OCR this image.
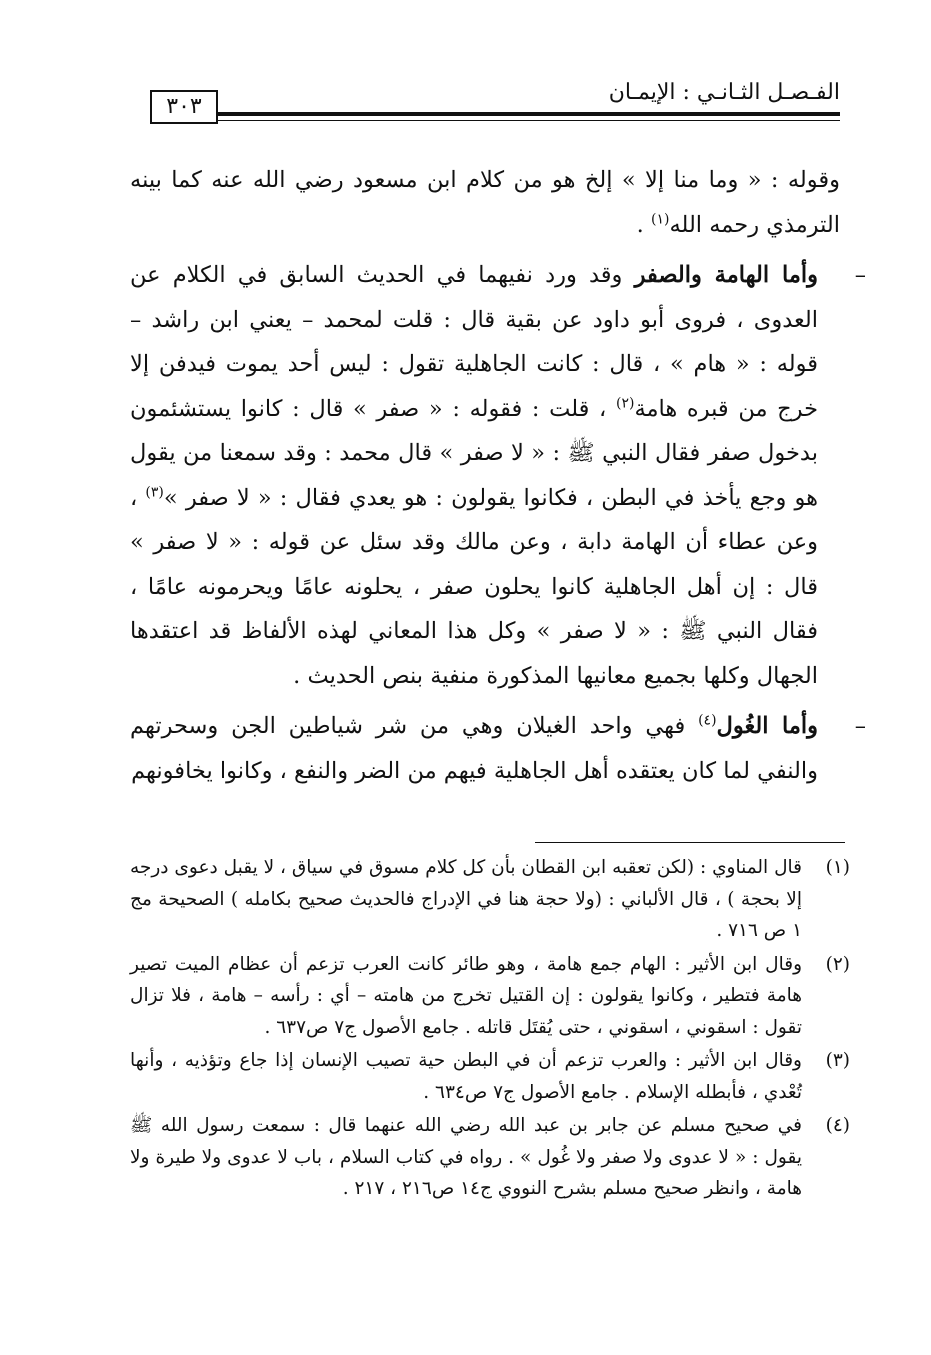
الفـصـل الثـانـي : الإيمـان
٣٠٣

وقوله : « وما منا إلا » إلخ هو من كلام ابن مسعود رضي الله عنه كما بينه الترمذي رحمه الله$^{(١)}$ .

–
وأما الهامة والصفر وقد ورد نفيهما في الحديث السابق في الكلام عن العدوى ، فروى أبو داود عن بقية قال : قلت لمحمد – يعني ابن راشد – قوله : « هام » ، قال : كانت الجاهلية تقول : ليس أحد يموت فيدفن إلا خرج من قبره هامة$^{(٢)}$ ، قلت : فقوله : « صفر » قال : كانوا يستشئمون بدخول صفر فقال النبي ﷺ : « لا صفر » قال محمد : وقد سمعنا من يقول هو وجع يأخذ في البطن ، فكانوا يقولون : هو يعدي فقال : « لا صفر »$^{(٣)}$ ، وعن عطاء أن الهامة دابة ، وعن مالك وقد سئل عن قوله : « لا صفر » قال : إن أهل الجاهلية كانوا يحلون صفر ، يحلونه عامًا ويحرمونه عامًا ، فقال النبي ﷺ : « لا صفر » وكل هذا المعاني لهذه الألفاظ قد اعتقدها الجهال وكلها بجميع معانيها المذكورة منفية بنص الحديث .

–
وأما الغُول$^{(٤)}$ فهي واحد الغيلان وهي من شر شياطين الجن وسحرتهم والنفي لما كان يعتقده أهل الجاهلية فيهم من الضر والنفع ، وكانوا يخافونهم

(١)
قال المناوي : (لكن تعقبه ابن القطان بأن كل كلام مسوق في سياق ، لا يقبل دعوى درجه إلا بحجة ) ، قال الألباني : (ولا حجة هنا في الإدراج فالحديث صحيح بكامله ) الصحيحة مج ١ ص ٧١٦ .

(٢)
وقال ابن الأثير : الهام جمع هامة ، وهو طائر كانت العرب تزعم أن عظام الميت تصير هامة فتطير ، وكانوا يقولون : إن القتيل تخرج من هامته – أي : رأسه – هامة ، فلا تزال تقول : اسقوني ، اسقوني ، حتى يُقتَل قاتله . جامع الأصول ج٧ ص٦٣٧ .

(٣)
وقال ابن الأثير : والعرب تزعم أن في البطن حية تصيب الإنسان إذا جاع وتؤذيه ، وأنها تُعْدي ، فأبطله الإسلام . جامع الأصول ج٧ ص٦٣٤ .

(٤)
في صحيح مسلم عن جابر بن عبد الله رضي الله عنهما قال : سمعت رسول الله ﷺ يقول : « لا عدوى ولا صفر ولا غُول » . رواه في كتاب السلام ، باب لا عدوى ولا طيرة ولا هامة ، وانظر صحيح مسلم بشرح النووي ج١٤ ص٢١٦ ، ٢١٧ .
